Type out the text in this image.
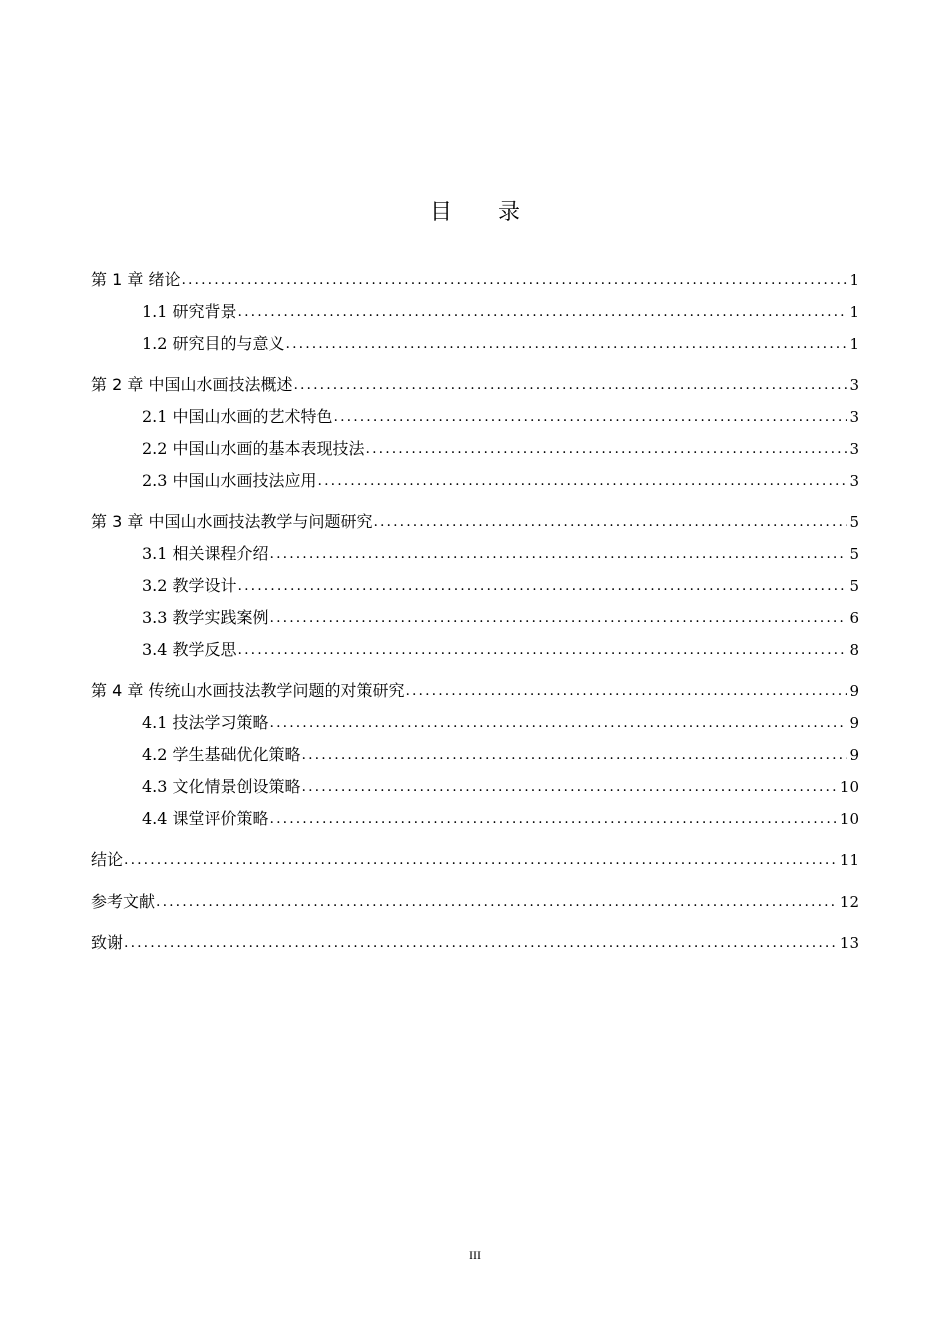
目 录
第 1 章 绪论 .....	1
1.1 研究背景 .....	1
1.2 研究目的与意义 .....	1
第 2 章 中国山水画技法概述 .....	3
2.1 中国山水画的艺术特色 .....	3
2.2 中国山水画的基本表现技法 .....	3
2.3 中国山水画技法应用 .....	3
第 3 章 中国山水画技法教学与问题研究 .....	5
3.1 相关课程介绍 .....	5
3.2 教学设计 .....	5
3.3 教学实践案例 .....	6
3.4 教学反思 .....	8
第 4 章 传统山水画技法教学问题的对策研究 .....	9
4.1 技法学习策略 .....	9
4.2 学生基础优化策略 .....	9
4.3 文化情景创设策略 .....	10
4.4 课堂评价策略 .....	10
结论 .....	11
参考文献 .....	12
致谢 .....	13
III
